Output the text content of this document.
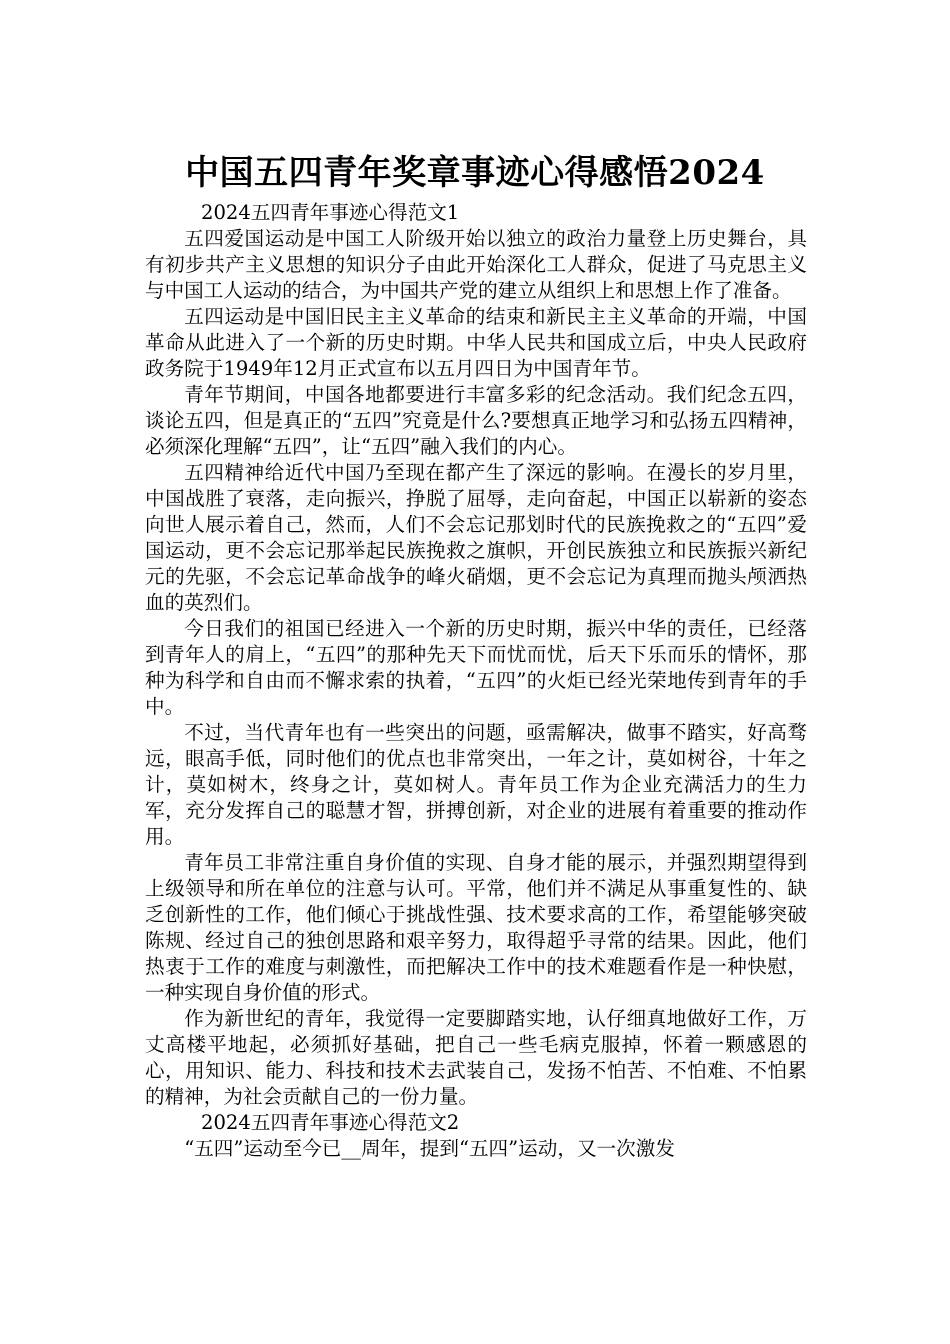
中国五四青年奖章事迹心得感悟2024

2024五四青年事迹心得范文1

五四爱国运动是中国工人阶级开始以独立的政治力量登上历史舞台，具有初步共产主义思想的知识分子由此开始深化工人群众，促进了马克思主义与中国工人运动的结合，为中国共产党的建立从组织上和思想上作了准备。

五四运动是中国旧民主主义革命的结束和新民主主义革命的开端，中国革命从此进入了一个新的历史时期。中华人民共和国成立后，中央人民政府政务院于1949年12月正式宣布以五月四日为中国青年节。

青年节期间，中国各地都要进行丰富多彩的纪念活动。我们纪念五四，谈论五四，但是真正的“五四”究竟是什么?要想真正地学习和弘扬五四精神，必须深化理解“五四”，让“五四”融入我们的内心。

五四精神给近代中国乃至现在都产生了深远的影响。在漫长的岁月里，中国战胜了衰落，走向振兴，挣脱了屈辱，走向奋起，中国正以崭新的姿态向世人展示着自己，然而，人们不会忘记那划时代的民族挽救之的“五四”爱国运动，更不会忘记那举起民族挽救之旗帜，开创民族独立和民族振兴新纪元的先驱，不会忘记革命战争的峰火硝烟，更不会忘记为真理而抛头颅洒热血的英烈们。

今日我们的祖国已经进入一个新的历史时期，振兴中华的责任，已经落到青年人的肩上，“五四”的那种先天下而忧而忧，后天下乐而乐的情怀，那种为科学和自由而不懈求索的执着，“五四”的火炬已经光荣地传到青年的手中。

不过，当代青年也有一些突出的问题，亟需解决，做事不踏实，好高骛远，眼高手低，同时他们的优点也非常突出，一年之计，莫如树谷，十年之计，莫如树木，终身之计，莫如树人。青年员工作为企业充满活力的生力军，充分发挥自己的聪慧才智，拼搏创新，对企业的进展有着重要的推动作用。

青年员工非常注重自身价值的实现、自身才能的展示，并强烈期望得到上级领导和所在单位的注意与认可。平常，他们并不满足从事重复性的、缺乏创新性的工作，他们倾心于挑战性强、技术要求高的工作，希望能够突破陈规、经过自己的独创思路和艰辛努力，取得超乎寻常的结果。因此，他们热衷于工作的难度与刺激性，而把解决工作中的技术难题看作是一种快慰，一种实现自身价值的形式。

作为新世纪的青年，我觉得一定要脚踏实地，认仔细真地做好工作，万丈高楼平地起，必须抓好基础，把自己一些毛病克服掉，怀着一颗感恩的心，用知识、能力、科技和技术去武装自己，发扬不怕苦、不怕难、不怕累的精神，为社会贡献自己的一份力量。

2024五四青年事迹心得范文2

“五四”运动至今已__周年，提到“五四”运动，又一次激发
